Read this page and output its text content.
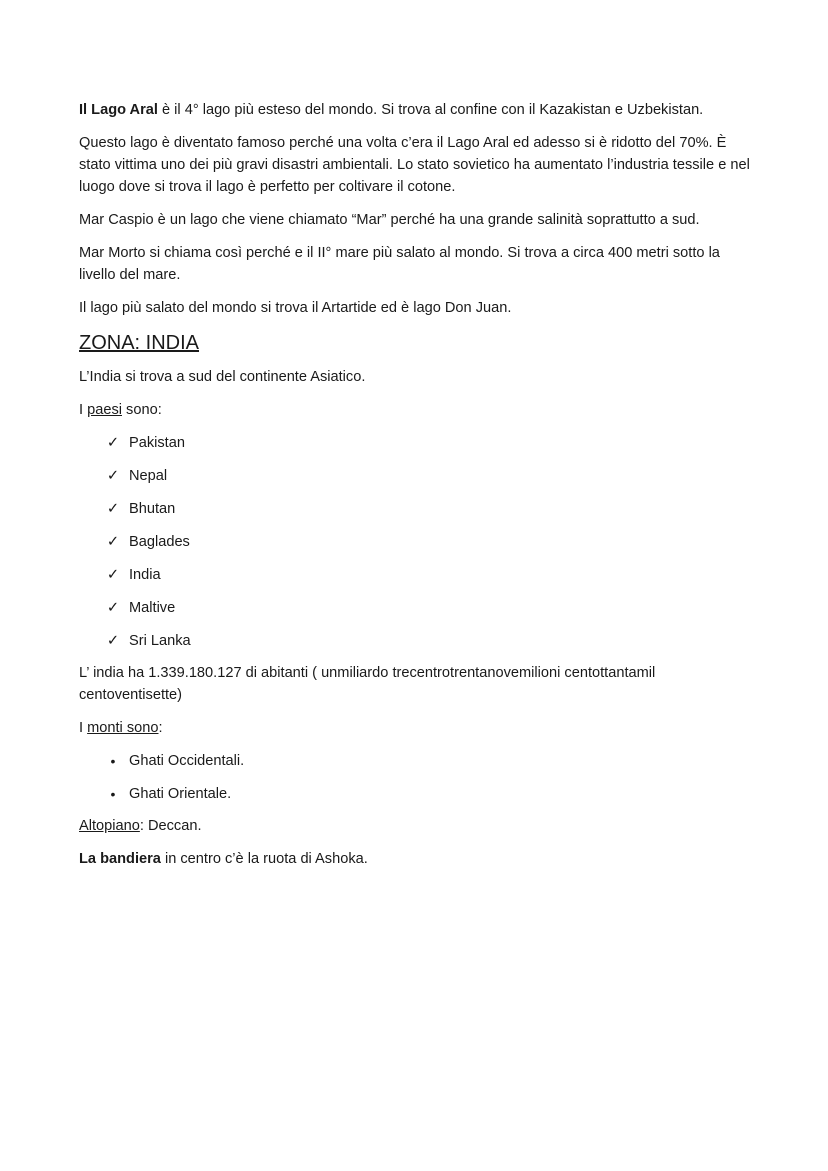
Il Lago Aral è il 4° lago più esteso del mondo. Si trova al confine con il Kazakistan e Uzbekistan.

Questo lago è diventato famoso perché una volta c’era il Lago Aral ed adesso si è ridotto del 70%. È stato vittima uno dei più gravi disastri ambientali. Lo stato sovietico ha aumentato l’industria tessile e nel luogo dove si trova il lago è perfetto per coltivare il cotone.

Mar Caspio è un lago che viene chiamato “Mar” perché ha una grande salinità soprattutto a sud.

Mar Morto si chiama così perché e il II° mare più salato al mondo. Si trova a circa 400 metri sotto la livello del mare.

Il lago più salato del mondo si trova il Artartide ed è lago Don Juan.

ZONA: INDIA

L’India si trova a sud del continente Asiatico.

I paesi sono:

✓ Pakistan
✓ Nepal
✓ Bhutan
✓ Baglades
✓ India
✓ Maltive
✓ Sri Lanka

L’ india ha 1.339.180.127 di abitanti ( unmiliardo trecentrotrentanovemilioni centottantamil centoventisette)

I monti sono:

• Ghati Occidentali.
• Ghati Orientale.

Altopiano: Deccan.

La bandiera in centro c’è la ruota di Ashoka.
